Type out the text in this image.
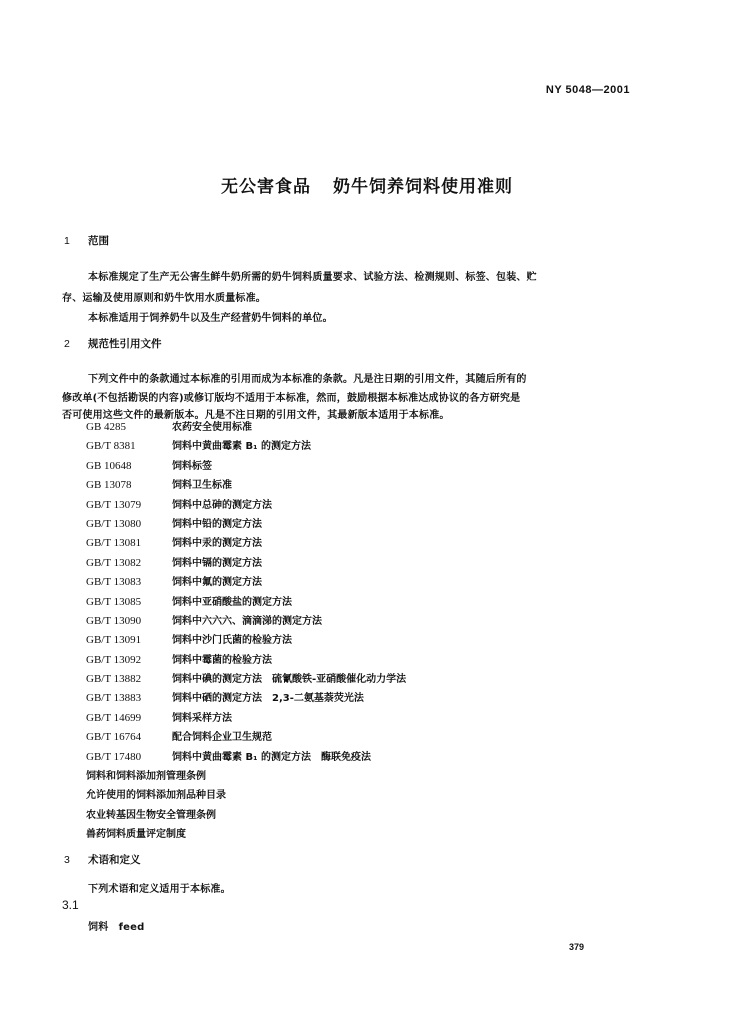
NY 5048—2001
无公害食品 奶牛饲养饲料使用准则
1 范围
本标准规定了生产无公害生鲜牛奶所需的奶牛饲料质量要求、试验方法、检测规则、标签、包装、贮
存、运输及使用原则和奶牛饮用水质量标准。
本标准适用于饲养奶牛以及生产经营奶牛饲料的单位。
2 规范性引用文件
下列文件中的条款通过本标准的引用而成为本标准的条款。凡是注日期的引用文件，其随后所有的
修改单(不包括勘误的内容)或修订版均不适用于本标准，然而，鼓励根据本标准达成协议的各方研究是
否可使用这些文件的最新版本。凡是不注日期的引用文件，其最新版本适用于本标准。
GB 4285	农药安全使用标准
GB/T 8381	饲料中黄曲霉素 B₁ 的测定方法
GB 10648	饲料标签
GB 13078	饲料卫生标准
GB/T 13079	饲料中总砷的测定方法
GB/T 13080	饲料中铅的测定方法
GB/T 13081	饲料中汞的测定方法
GB/T 13082	饲料中镉的测定方法
GB/T 13083	饲料中氟的测定方法
GB/T 13085	饲料中亚硝酸盐的测定方法
GB/T 13090	饲料中六六六、滴滴涕的测定方法
GB/T 13091	饲料中沙门氏菌的检验方法
GB/T 13092	饲料中霉菌的检验方法
GB/T 13882	饲料中碘的测定方法　硫氰酸铁-亚硝酸催化动力学法
GB/T 13883	饲料中硒的测定方法　2,3-二氨基萘荧光法
GB/T 14699	饲料采样方法
GB/T 16764	配合饲料企业卫生规范
GB/T 17480	饲料中黄曲霉素 B₁ 的测定方法　酶联免疫法
饲料和饲料添加剂管理条例
允许使用的饲料添加剂品种目录
农业转基因生物安全管理条例
兽药饲料质量评定制度
3 术语和定义
下列术语和定义适用于本标准。
3.1
饲料　feed
379
